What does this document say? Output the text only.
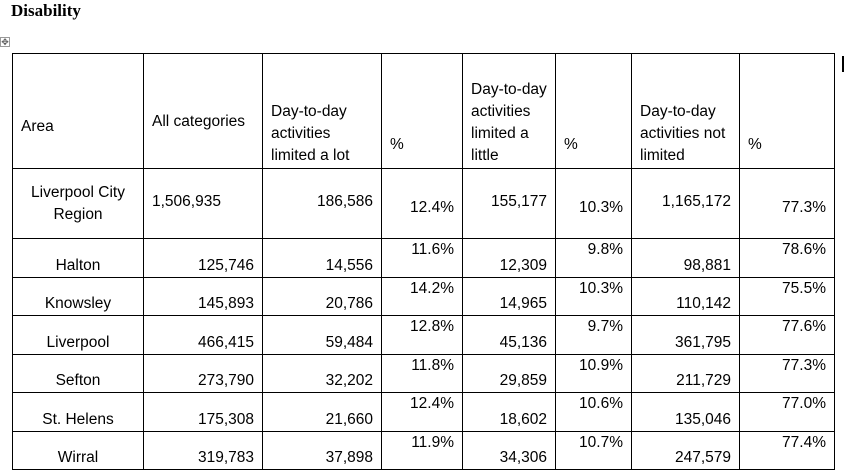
Disability
✥
Area	All categories	Day-to-day activities limited a lot	%	Day-to-day activities limited a little	%	Day-to-day activities not limited	%
Liverpool City Region	1,506,935	186,586	12.4%	155,177	10.3%	1,165,172	77.3%
Halton	125,746	14,556	11.6%	12,309	9.8%	98,881	78.6%
Knowsley	145,893	20,786	14.2%	14,965	10.3%	110,142	75.5%
Liverpool	466,415	59,484	12.8%	45,136	9.7%	361,795	77.6%
Sefton	273,790	32,202	11.8%	29,859	10.9%	211,729	77.3%
St. Helens	175,308	21,660	12.4%	18,602	10.6%	135,046	77.0%
Wirral	319,783	37,898	11.9%	34,306	10.7%	247,579	77.4%
